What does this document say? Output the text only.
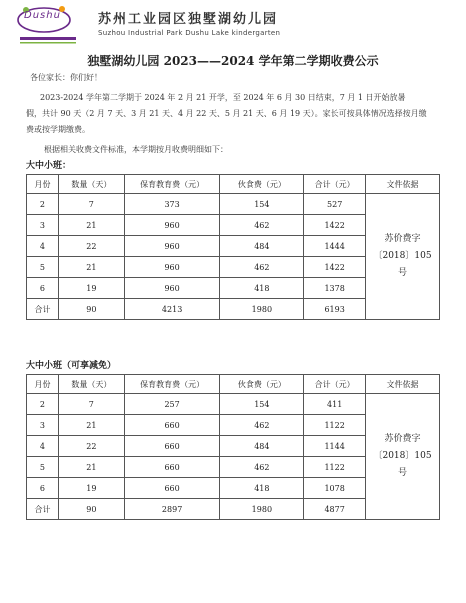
Dushu	苏州工业园区独墅湖幼儿园
Suzhou Industrial Park Dushu Lake kindergarten
独墅湖幼儿园 2023——2024 学年第二学期收费公示
各位家长：你们好！
2023-2024 学年第二学期于 2024 年 2 月 21 开学，至 2024 年 6 月 30 日结束，7 月 1 日开始放暑
假，共计 90 天（2 月 7 天、3 月 21 天、4 月 22 天、5 月 21 天、6 月 19 天）。家长可按具体情况选择按月缴
费或按学期缴费。
根据相关收费文件标准，本学期按月收费明细如下：
大中小班：
月份	数量（天）	保育教育费（元）	伙食费（元）	合计（元）	文件依据
2	7	373	154	527	苏价费字
〔2018〕105
号

3	21	960	462	1422	
4	22	960	484	1444	
5	21	960	462	1422	
6	19	960	418	1378	
合计	90	4213	1980	6193	
大中小班（可享减免）
月份	数量（天）	保育教育费（元）	伙食费（元）	合计（元）	文件依据
2	7	257	154	411	苏价费字
〔2018〕105
号

3	21	660	462	1122	
4	22	660	484	1144	
5	21	660	462	1122	
6	19	660	418	1078	
合计	90	2897	1980	4877	
